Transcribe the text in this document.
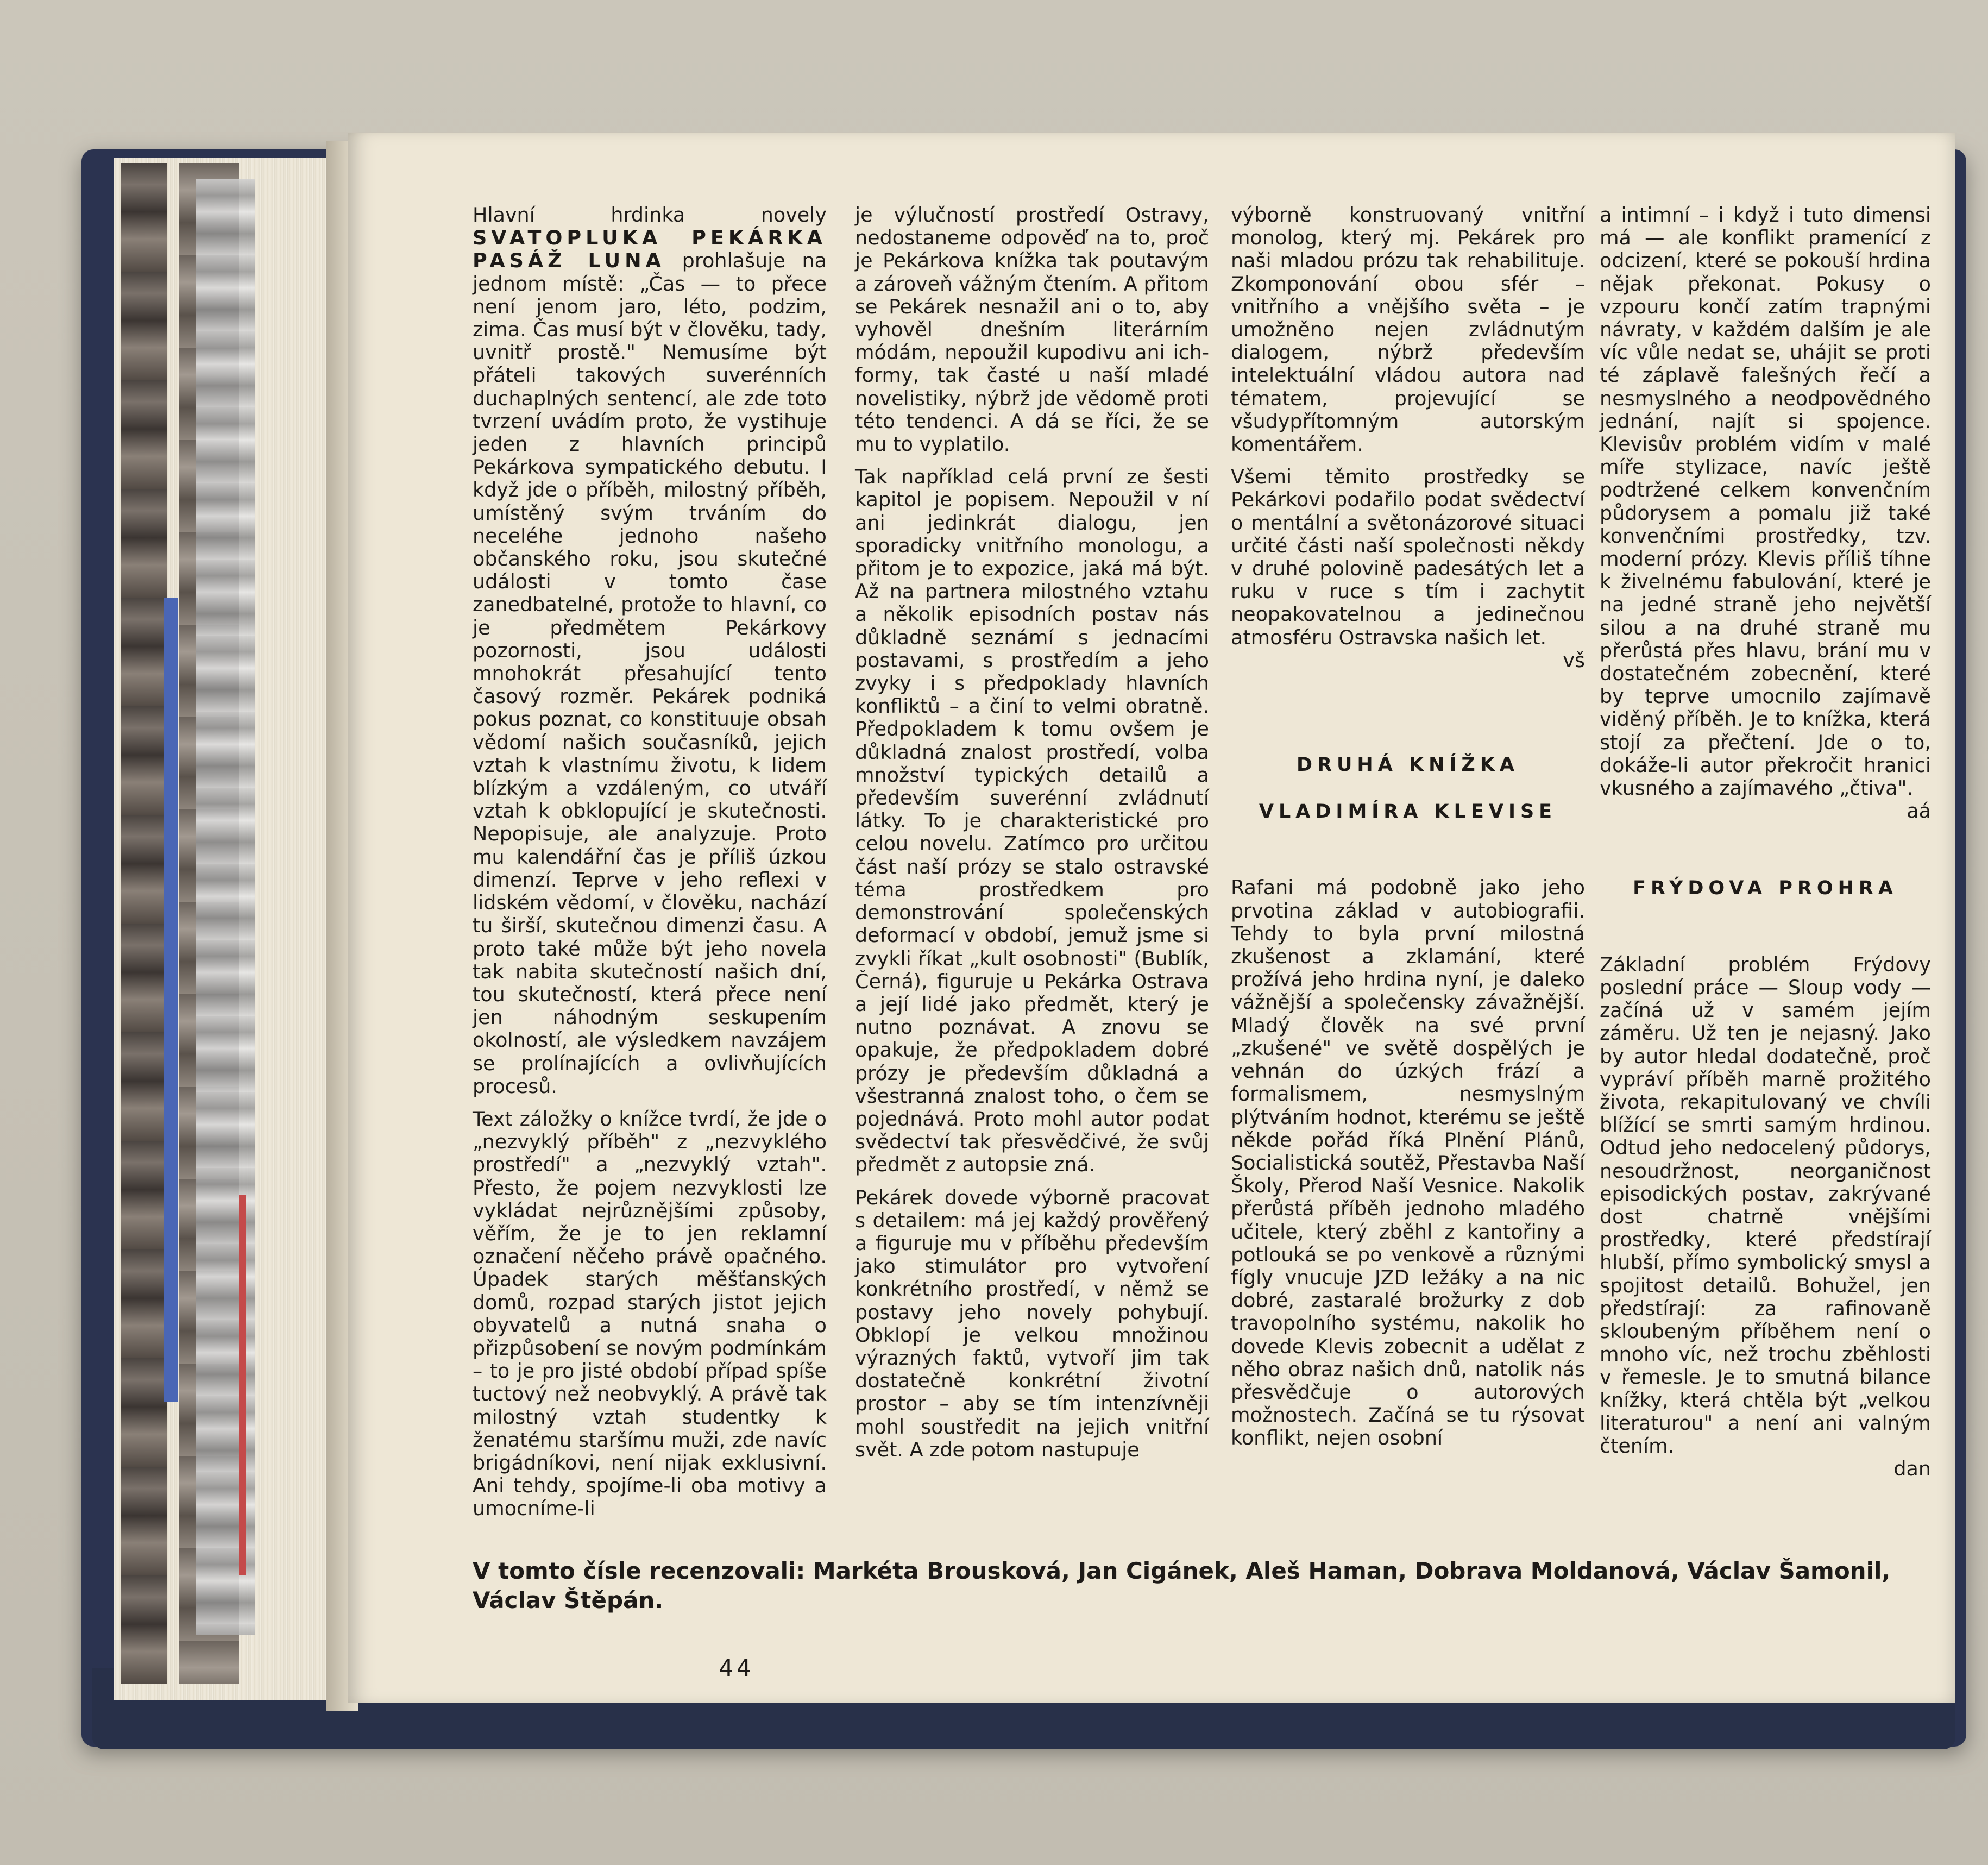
Hlavní hrdinka novely SVATOPLUKA PEKÁRKA PASÁŽ LUNA prohlašuje na jednom místě: „Čas — to přece není jenom jaro, léto, podzim, zima. Čas musí být v člověku, tady, uvnitř prostě." Nemusíme být přáteli takových suverénních duchaplných sentencí, ale zde toto tvrzení uvádím proto, že vystihuje jeden z hlavních principů Pekárkova sympatického debutu. I když jde o příběh, milostný příběh, umístěný svým trváním do neceléhe jednoho našeho občanského roku, jsou skutečné události v tomto čase zanedbatelné, protože to hlavní, co je předmětem Pekárkovy pozornosti, jsou události mnohokrát přesahující tento časový rozměr. Pekárek podniká pokus poznat, co konstituuje obsah vědomí našich současníků, jejich vztah k vlastnímu životu, k lidem blízkým a vzdáleným, co utváří vztah k obklopující je skutečnosti. Nepopisuje, ale analyzuje. Proto mu kalendářní čas je příliš úzkou dimenzí. Teprve v jeho reflexi v lidském vědomí, v člověku, nachází tu širší, skutečnou dimenzi času. A proto také může být jeho novela tak nabita skutečností našich dní, tou skutečností, která přece není jen náhodným seskupením okolností, ale výsledkem navzájem se prolínajících a ovlivňujících procesů.

Text záložky o knížce tvrdí, že jde o „nezvyklý příběh" z „nezvyklého prostředí" a „nezvyklý vztah". Přesto, že pojem nezvyklosti lze vykládat nejrůznějšími způsoby, věřím, že je to jen reklamní označení něčeho právě opačného. Úpadek starých měšťanských domů, rozpad starých jistot jejich obyvatelů a nutná snaha o přizpůsobení se novým podmínkám – to je pro jisté období případ spíše tuctový než neobvyklý. A právě tak milostný vztah studentky k ženatému staršímu muži, zde navíc brigádníkovi, není nijak exklusivní. Ani tehdy, spojíme-li oba motivy a umocníme-li

je výlučností prostředí Ostravy, nedostaneme odpověď na to, proč je Pekárkova knížka tak poutavým a zároveň vážným čtením. A přitom se Pekárek nesnažil ani o to, aby vyhověl dnešním literárním módám, nepoužil kupodivu ani ich-formy, tak časté u naší mladé novelistiky, nýbrž jde vědomě proti této tendenci. A dá se říci, že se mu to vyplatilo.

Tak například celá první ze šesti kapitol je popisem. Nepoužil v ní ani jedinkrát dialogu, jen sporadicky vnitřního monologu, a přitom je to expozice, jaká má být. Až na partnera milostného vztahu a několik episodních postav nás důkladně seznámí s jednacími postavami, s prostředím a jeho zvyky i s předpoklady hlavních konfliktů – a činí to velmi obratně. Předpokladem k tomu ovšem je důkladná znalost prostředí, volba množství typických detailů a především suverénní zvládnutí látky. To je charakteristické pro celou novelu. Zatímco pro určitou část naší prózy se stalo ostravské téma prostředkem pro demonstrování společenských deformací v období, jemuž jsme si zvykli říkat „kult osobnosti" (Bublík, Černá), figuruje u Pekárka Ostrava a její lidé jako předmět, který je nutno poznávat. A znovu se opakuje, že předpokladem dobré prózy je především důkladná a všestranná znalost toho, o čem se pojednává. Proto mohl autor podat svědectví tak přesvědčivé, že svůj předmět z autopsie zná.

Pekárek dovede výborně pracovat s detailem: má jej každý prověřený a figuruje mu v příběhu především jako stimulátor pro vytvoření konkrétního prostředí, v němž se postavy jeho novely pohybují. Obklopí je velkou množinou výrazných faktů, vytvoří jim tak dostatečně konkrétní životní prostor – aby se tím intenzívněji mohl soustředit na jejich vnitřní svět. A zde potom nastupuje

výborně konstruovaný vnitřní monolog, který mj. Pekárek pro naši mladou prózu tak rehabilituje. Zkomponování obou sfér – vnitřního a vnějšího světa – je umožněno nejen zvládnutým dialogem, nýbrž především intelektuální vládou autora nad tématem, projevující se všudypřítomným autorským komentářem.

Všemi těmito prostředky se Pekárkovi podařilo podat svědectví o mentální a světonázorové situaci určité části naší společnosti někdy v druhé polovině padesátých let a ruku v ruce s tím i zachytit neopakovatelnou a jedinečnou atmosféru Ostravska našich let.
vš

DRUHÁ KNÍŽKA
VLADIMÍRA KLEVISE

Rafani má podobně jako jeho prvotina základ v autobiografii. Tehdy to byla první milostná zkušenost a zklamání, které prožívá jeho hrdina nyní, je daleko vážnější a společensky závažnější. Mladý člověk na své první „zkušené" ve světě dospělých je vehnán do úzkých frází a formalismem, nesmyslným plýtváním hodnot, kterému se ještě někde pořád říká Plnění Plánů, Socialistická soutěž, Přestavba Naší Školy, Přerod Naší Vesnice. Nakolik přerůstá příběh jednoho mladého učitele, který zběhl z kantořiny a potlouká se po venkově a různými fígly vnucuje JZD ležáky a na nic dobré, zastaralé brožurky z dob travopolního systému, nakolik ho dovede Klevis zobecnit a udělat z něho obraz našich dnů, natolik nás přesvědčuje o autorových možnostech. Začíná se tu rýsovat konflikt, nejen osobní

a intimní – i když i tuto dimensi má — ale konflikt pramenící z odcizení, které se pokouší hrdina nějak překonat. Pokusy o vzpouru končí zatím trapnými návraty, v každém dalším je ale víc vůle nedat se, uhájit se proti té záplavě falešných řečí a nesmyslného a neodpovědného jednání, najít si spojence. Klevisův problém vidím v malé míře stylizace, navíc ještě podtržené celkem konvenčním půdorysem a pomalu již také konvenčními prostředky, tzv. moderní prózy. Klevis příliš tíhne k živelnému fabulování, které je na jedné straně jeho největší silou a na druhé straně mu přerůstá přes hlavu, brání mu v dostatečném zobecnění, které by teprve umocnilo zajímavě viděný příběh. Je to knížka, která stojí za přečtení. Jde o to, dokáže-li autor překročit hranici vkusného a zajímavého „čtiva".
aá

FRÝDOVA PROHRA

Základní problém Frýdovy poslední práce — Sloup vody — začíná už v samém jejím záměru. Už ten je nejasný. Jako by autor hledal dodatečně, proč vypráví příběh marně prožitého života, rekapitulovaný ve chvíli blížící se smrti samým hrdinou. Odtud jeho nedocelený půdorys, nesoudržnost, neorganičnost episodických postav, zakrývané dost chatrně vnějšími prostředky, které předstírají hlubší, přímo symbolický smysl a spojitost detailů. Bohužel, jen předstírají: za rafinovaně skloubeným příběhem není o mnoho víc, než trochu zběhlosti v řemesle. Je to smutná bilance knížky, která chtěla být „velkou literaturou" a není ani valným čtením.
dan

V tomto čísle recenzovali: Markéta Brousková, Jan Cigánek, Aleš Haman, Dobrava Moldanová, Václav Šamonil, Václav Štěpán.
44
